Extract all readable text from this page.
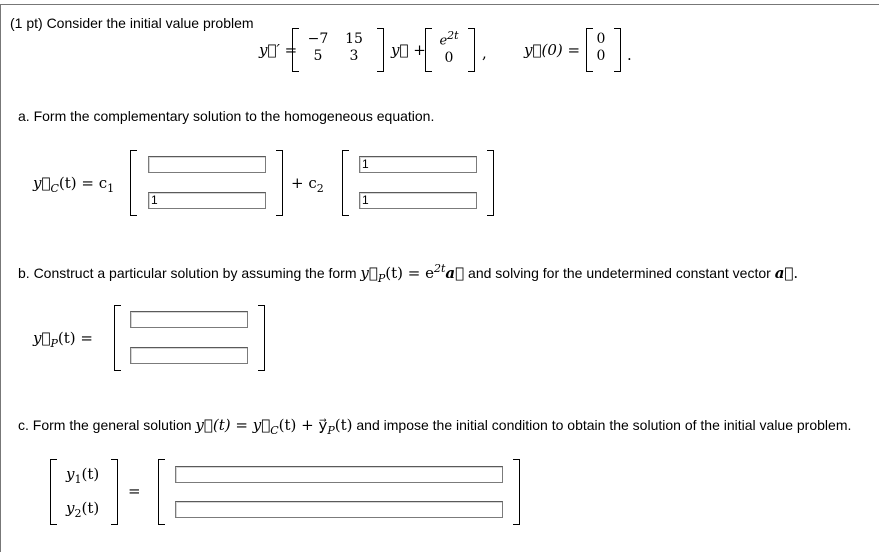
(1 pt) Consider the initial value problem
y⃗′ =
−7	15
5	3	y⃗ +
$e^{2t}$
0	, y⃗(0) =
0
0	.
a. Form the complementary solution to the homogeneous equation.
$y⃗_C(t) = c_1$
1	+ $c_2$
1
1
b. Construct a particular solution by assuming the form $y⃗_P(t)$ = $e^{2t}a⃗$ and solving for the undetermined constant vector a⃗.
$y⃗_P(t)$ =
c. Form the general solution y⃗(t) = $y⃗_C(t)$ + $y⃗_P(t)$ and impose the initial condition to obtain the solution of the initial value problem.
$y_1(t)$
$y_2(t)$
=
